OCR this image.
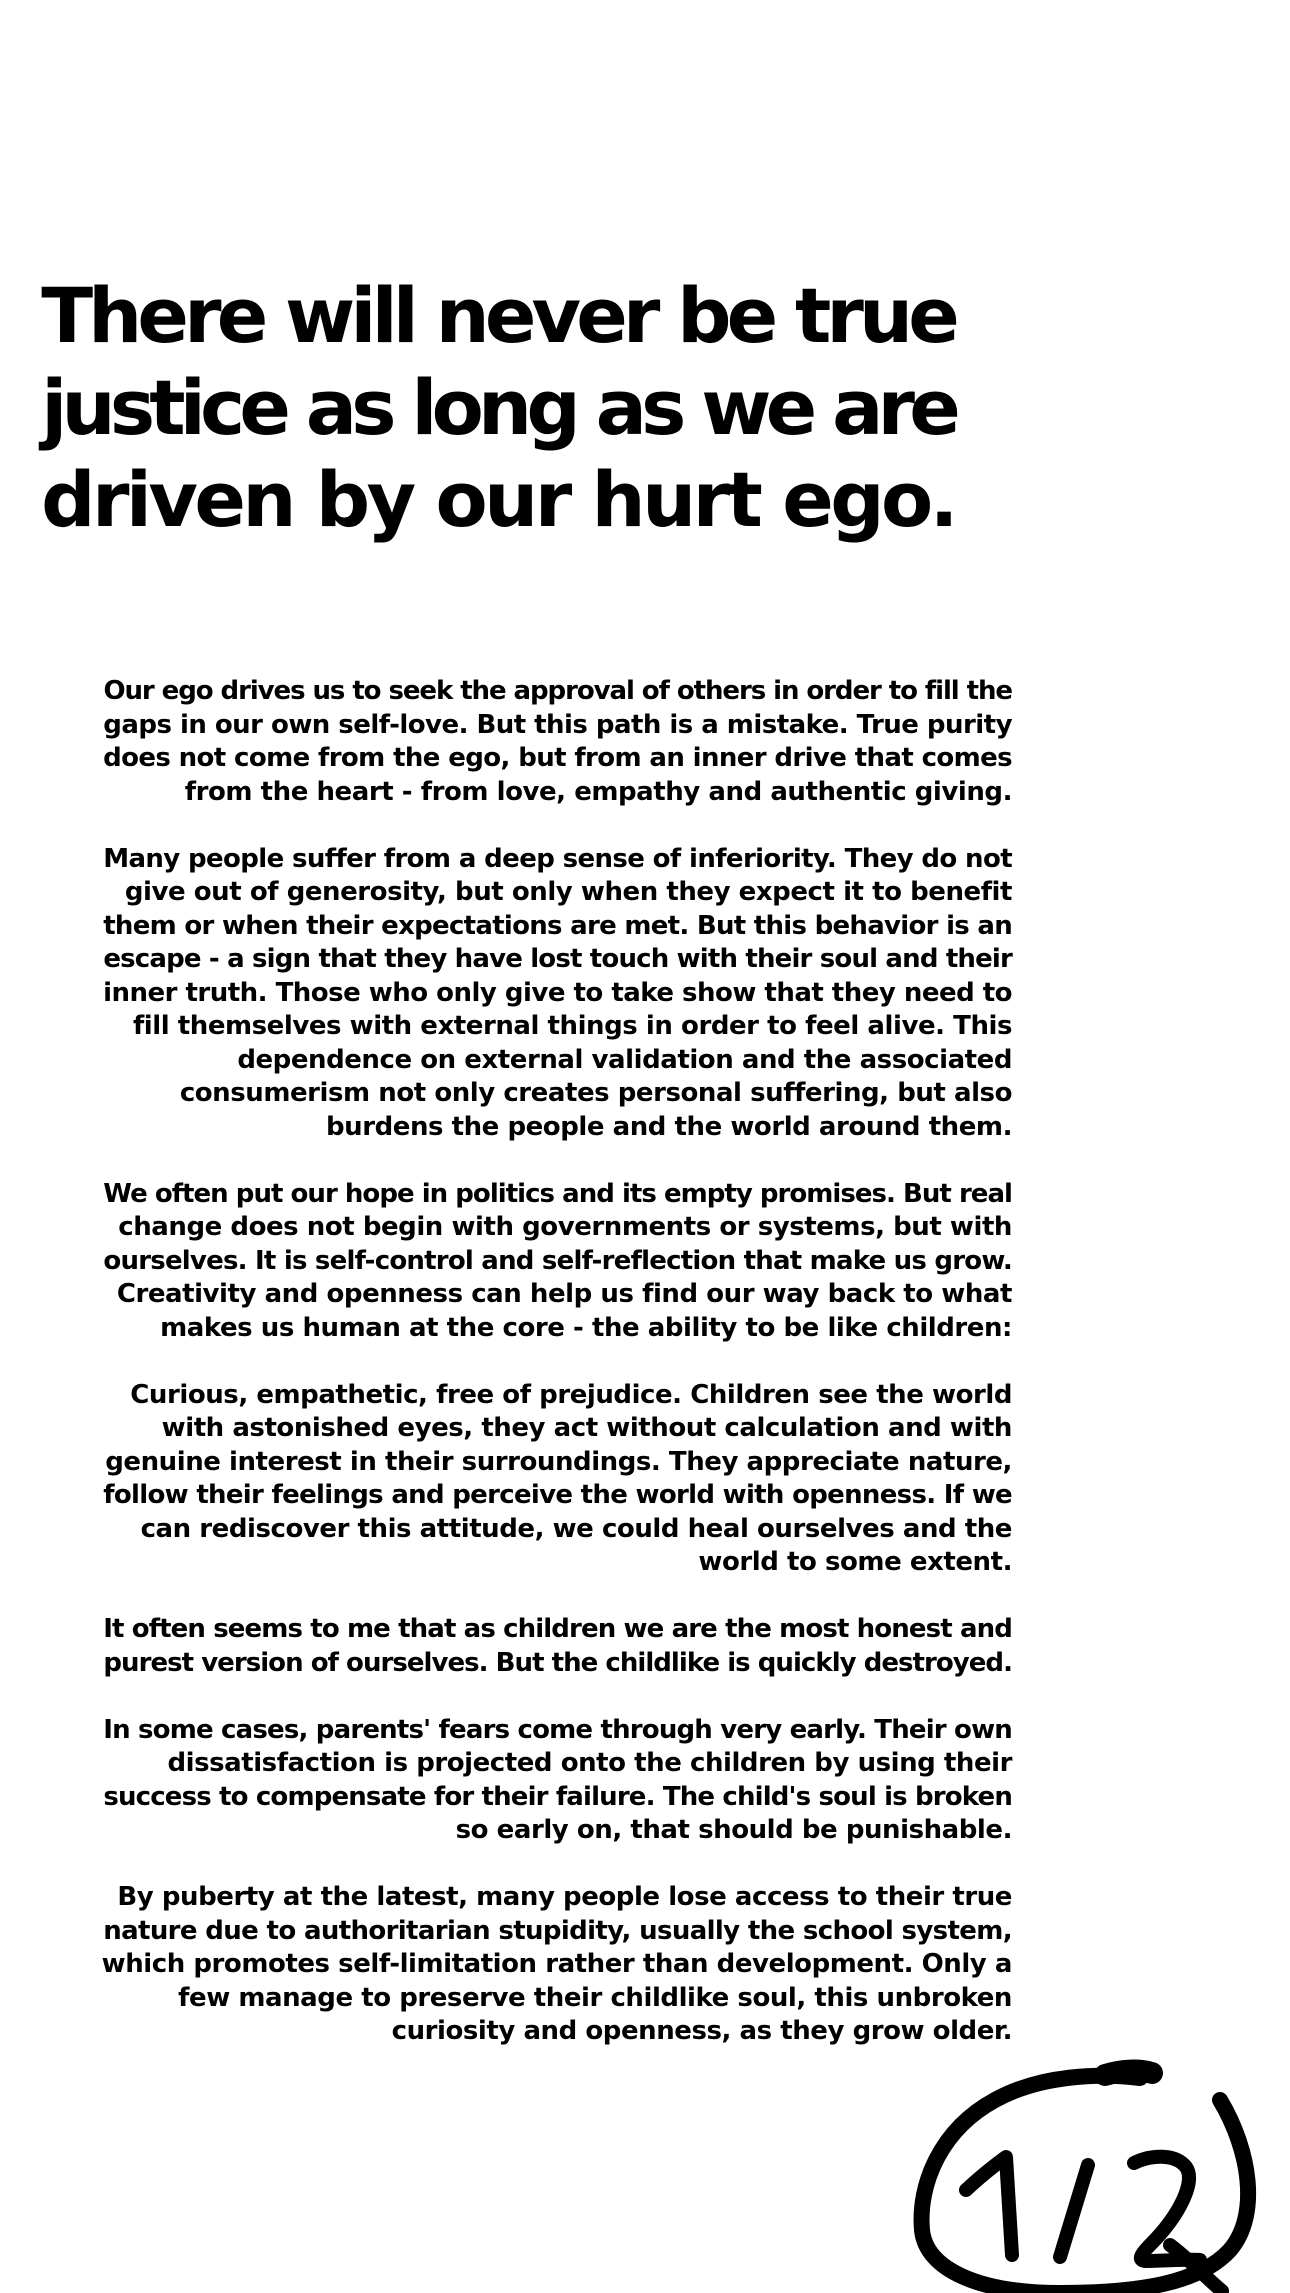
There will never be true
justice as long as we are
driven by our hurt ego.

Our ego drives us to seek the approval of others in order to fill the
gaps in our own self-love. But this path is a mistake. True purity
does not come from the ego, but from an inner drive that comes
from the heart - from love, empathy and authentic giving.

Many people suffer from a deep sense of inferiority. They do not
give out of generosity, but only when they expect it to benefit
them or when their expectations are met. But this behavior is an
escape - a sign that they have lost touch with their soul and their
inner truth. Those who only give to take show that they need to
fill themselves with external things in order to feel alive. This
dependence on external validation and the associated
consumerism not only creates personal suffering, but also
burdens the people and the world around them.

We often put our hope in politics and its empty promises. But real
change does not begin with governments or systems, but with
ourselves. It is self-control and self-reflection that make us grow.
Creativity and openness can help us find our way back to what
makes us human at the core - the ability to be like children:

Curious, empathetic, free of prejudice. Children see the world
with astonished eyes, they act without calculation and with
genuine interest in their surroundings. They appreciate nature,
follow their feelings and perceive the world with openness. If we
can rediscover this attitude, we could heal ourselves and the
world to some extent.

It often seems to me that as children we are the most honest and
purest version of ourselves. But the childlike is quickly destroyed.

In some cases, parents' fears come through very early. Their own
dissatisfaction is projected onto the children by using their
success to compensate for their failure. The child's soul is broken
so early on, that should be punishable.

By puberty at the latest, many people lose access to their true
nature due to authoritarian stupidity, usually the school system,
which promotes self-limitation rather than development. Only a
few manage to preserve their childlike soul, this unbroken
curiosity and openness, as they grow older.
